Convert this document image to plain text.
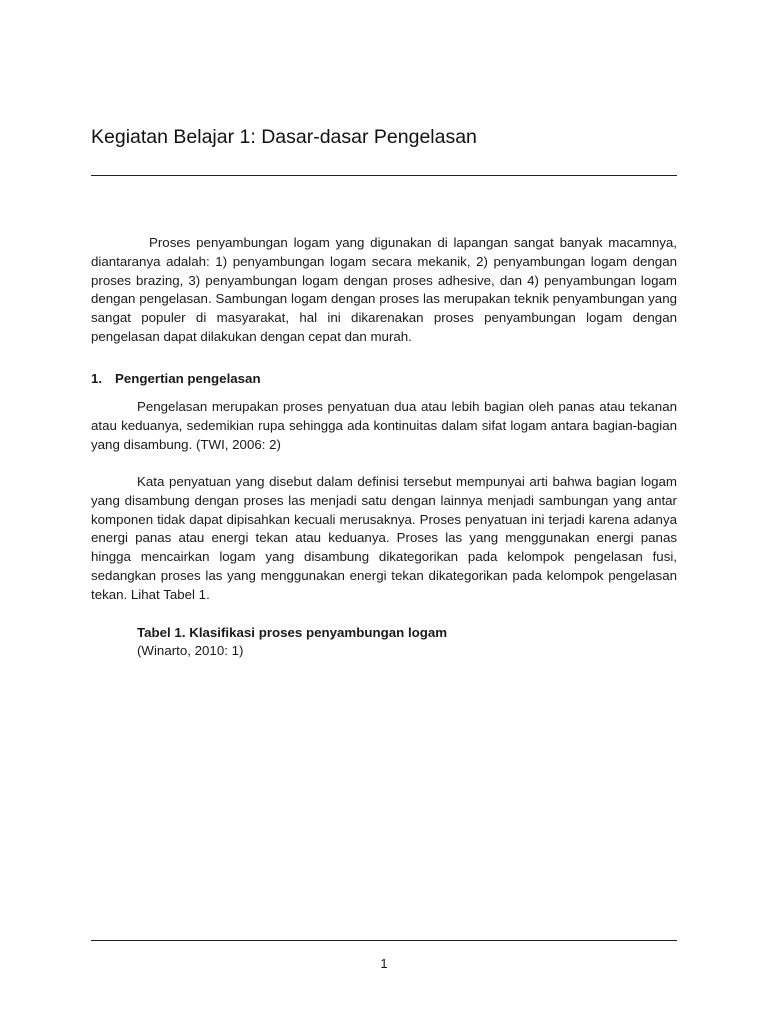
Kegiatan Belajar 1: Dasar-dasar Pengelasan

Proses penyambungan logam yang digunakan di lapangan sangat banyak macamnya, diantaranya adalah: 1) penyambungan logam secara mekanik, 2) penyambungan logam dengan proses brazing, 3) penyambungan logam dengan proses adhesive, dan 4) penyambungan logam dengan pengelasan. Sambungan logam dengan proses las merupakan teknik penyambungan yang sangat populer di masyarakat, hal ini dikarenakan proses penyambungan logam dengan pengelasan dapat dilakukan dengan cepat dan murah.

1. Pengertian pengelasan

Pengelasan merupakan proses penyatuan dua atau lebih bagian oleh panas atau tekanan atau keduanya, sedemikian rupa sehingga ada kontinuitas dalam sifat logam antara bagian-bagian yang disambung. (TWI, 2006: 2)

Kata penyatuan yang disebut dalam definisi tersebut mempunyai arti bahwa bagian logam yang disambung dengan proses las menjadi satu dengan lainnya menjadi sambungan yang antar komponen tidak dapat dipisahkan kecuali merusaknya. Proses penyatuan ini terjadi karena adanya energi panas atau energi tekan atau keduanya. Proses las yang menggunakan energi panas hingga mencairkan logam yang disambung dikategorikan pada kelompok pengelasan fusi, sedangkan proses las yang menggunakan energi tekan dikategorikan pada kelompok pengelasan tekan. Lihat Tabel 1.

Tabel 1. Klasifikasi proses penyambungan logam

(Winarto, 2010: 1)

1
